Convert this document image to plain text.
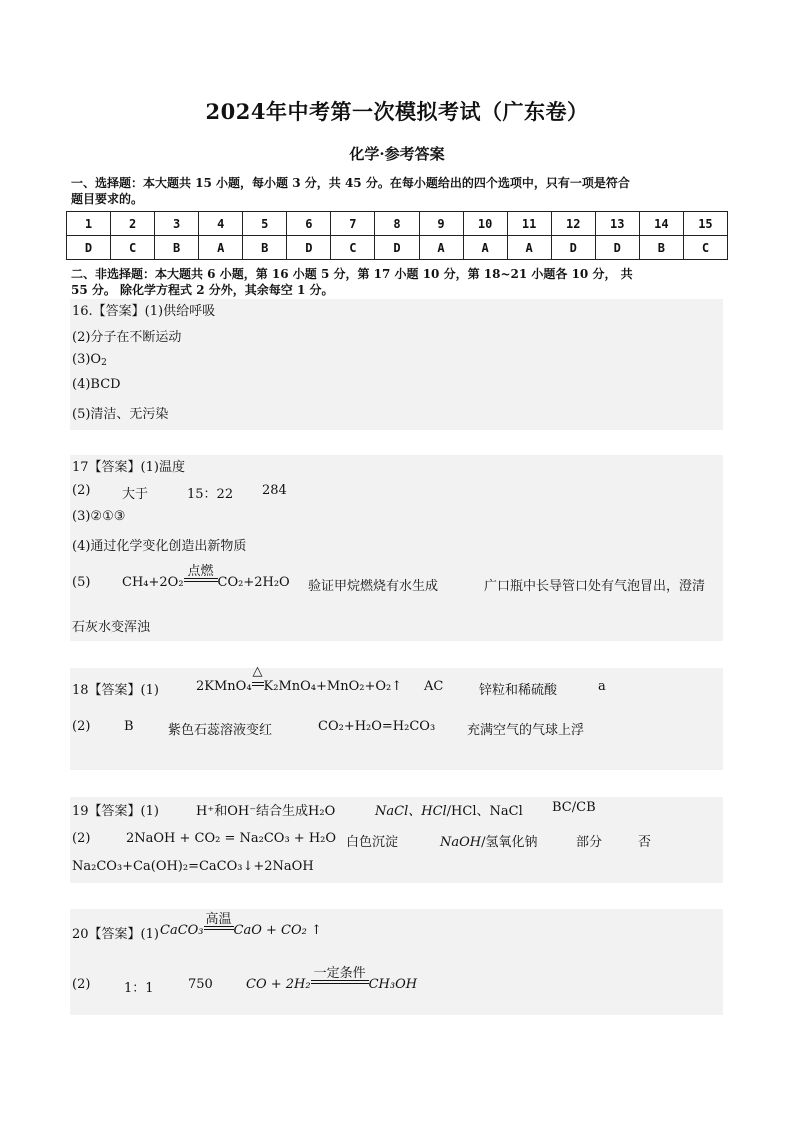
2024年中考第一次模拟考试（广东卷）
化学·参考答案
一、选择题：本大题共 15 小题，每小题 3 分，共 45 分。在每小题给出的四个选项中，只有一项是符合
题目要求的。
1	2	3	4	5	6	7	8	9	10	11	12	13	14	15
D	C	B	A	B	D	C	D	A	A	A	D	D	B	C
二、非选择题：本大题共 6 小题，第 16 小题 5 分，第 17 小题 10 分，第 18~21 小题各 10 分， 共
55 分。 除化学方程式 2 分外，其余每空 1 分。
16.【答案】(1)供给呼吸
(2)分子在不断运动
$(3)O_2$
(4)BCD
(5)清洁、无污染
17【答案】(1)温度
(2) 大于	15：22 284
(3)②①③
(4)通过化学变化创造出新物质
(5) CH₄+2O₂
点燃
CO₂+2H₂O 验证甲烷燃烧有水生成	广口瓶中长导管口处有气泡冒出，澄清
石灰水变浑浊
18【答案】(1)	2KMnO₄
△
K₂MnO₄+MnO₂+O₂↑ AC	锌粒和稀硫酸	a
(2)	B	紫色石蕊溶液变红	CO₂+H₂O=H₂CO₃ 充满空气的气球上浮
19【答案】(1)	H⁺和OH⁻结合生成H₂O	NaCl、HCl/HCl、NaCl BC/CB
(2)	2NaOH + CO₂ = Na₂CO₃ + H₂O 白色沉淀	NaOH/氢氧化钠	部分	否
Na₂CO₃+Ca(OH)₂=CaCO₃↓+2NaOH
20【答案】(1) CaCO₃
高温
CaO + CO₂ ↑
(2)	1：1	750	CO + 2H₂
一定条件
CH₃OH
